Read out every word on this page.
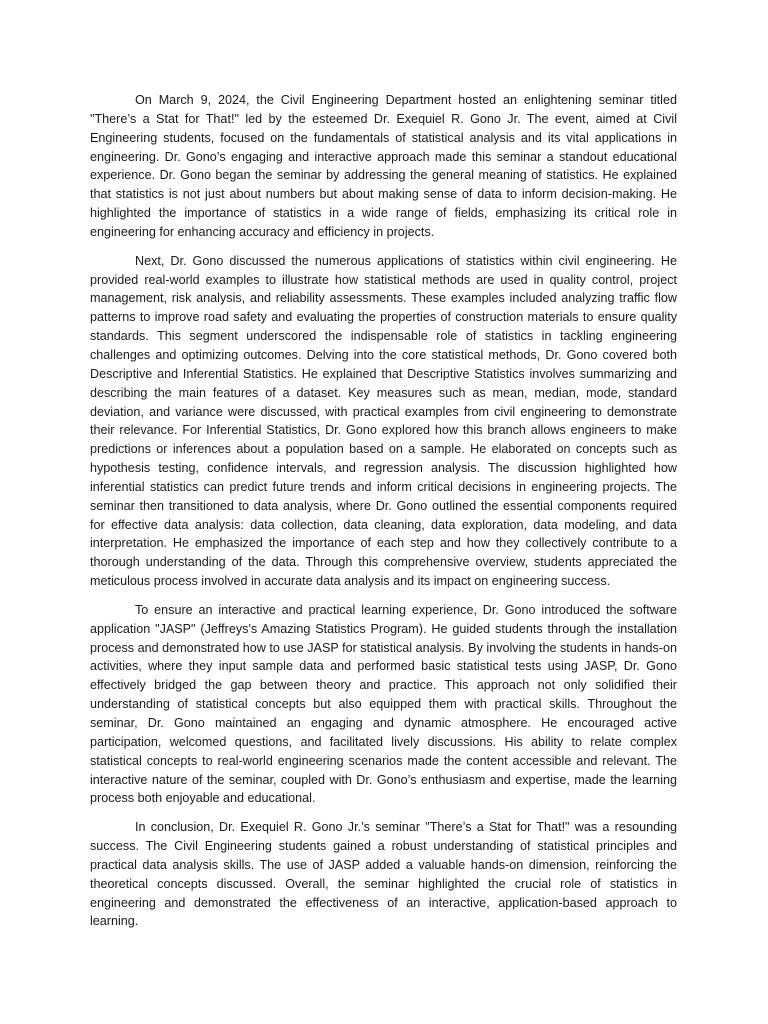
On March 9, 2024, the Civil Engineering Department hosted an enlightening seminar titled "There’s a Stat for That!" led by the esteemed Dr. Exequiel R. Gono Jr. The event, aimed at Civil Engineering students, focused on the fundamentals of statistical analysis and its vital applications in engineering. Dr. Gono’s engaging and interactive approach made this seminar a standout educational experience. Dr. Gono began the seminar by addressing the general meaning of statistics. He explained that statistics is not just about numbers but about making sense of data to inform decision-making. He highlighted the importance of statistics in a wide range of fields, emphasizing its critical role in engineering for enhancing accuracy and efficiency in projects.

Next, Dr. Gono discussed the numerous applications of statistics within civil engineering. He provided real-world examples to illustrate how statistical methods are used in quality control, project management, risk analysis, and reliability assessments. These examples included analyzing traffic flow patterns to improve road safety and evaluating the properties of construction materials to ensure quality standards. This segment underscored the indispensable role of statistics in tackling engineering challenges and optimizing outcomes. Delving into the core statistical methods, Dr. Gono covered both Descriptive and Inferential Statistics. He explained that Descriptive Statistics involves summarizing and describing the main features of a dataset. Key measures such as mean, median, mode, standard deviation, and variance were discussed, with practical examples from civil engineering to demonstrate their relevance. For Inferential Statistics, Dr. Gono explored how this branch allows engineers to make predictions or inferences about a population based on a sample. He elaborated on concepts such as hypothesis testing, confidence intervals, and regression analysis. The discussion highlighted how inferential statistics can predict future trends and inform critical decisions in engineering projects. The seminar then transitioned to data analysis, where Dr. Gono outlined the essential components required for effective data analysis: data collection, data cleaning, data exploration, data modeling, and data interpretation. He emphasized the importance of each step and how they collectively contribute to a thorough understanding of the data. Through this comprehensive overview, students appreciated the meticulous process involved in accurate data analysis and its impact on engineering success.

To ensure an interactive and practical learning experience, Dr. Gono introduced the software application "JASP" (Jeffreys's Amazing Statistics Program). He guided students through the installation process and demonstrated how to use JASP for statistical analysis. By involving the students in hands-on activities, where they input sample data and performed basic statistical tests using JASP, Dr. Gono effectively bridged the gap between theory and practice. This approach not only solidified their understanding of statistical concepts but also equipped them with practical skills. Throughout the seminar, Dr. Gono maintained an engaging and dynamic atmosphere. He encouraged active participation, welcomed questions, and facilitated lively discussions. His ability to relate complex statistical concepts to real-world engineering scenarios made the content accessible and relevant. The interactive nature of the seminar, coupled with Dr. Gono’s enthusiasm and expertise, made the learning process both enjoyable and educational.

In conclusion, Dr. Exequiel R. Gono Jr.’s seminar "There’s a Stat for That!" was a resounding success. The Civil Engineering students gained a robust understanding of statistical principles and practical data analysis skills. The use of JASP added a valuable hands-on dimension, reinforcing the theoretical concepts discussed. Overall, the seminar highlighted the crucial role of statistics in engineering and demonstrated the effectiveness of an interactive, application-based approach to learning.
